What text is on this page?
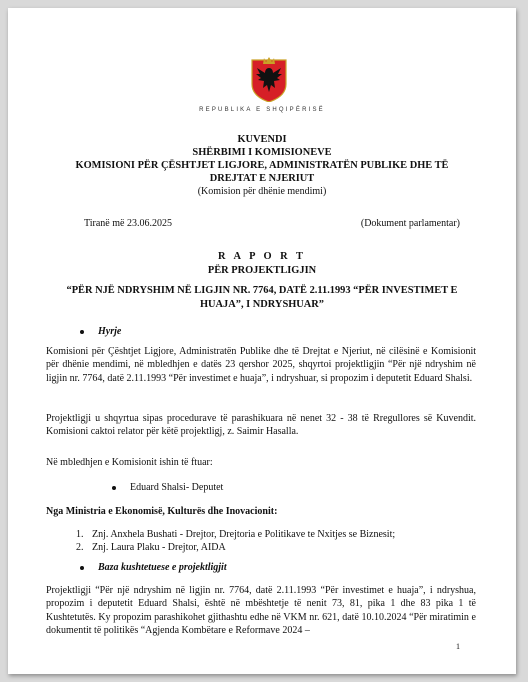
REPUBLIKA E SHQIPËRISË
KUVENDI
SHËRBIMI I KOMISIONEVE
KOMISIONI PËR ÇËSHTJET LIGJORE, ADMINISTRATËN PUBLIKE DHE TË
DREJTAT E NJERIUT
(Komision për dhënie mendimi)
Tiranë më 23.06.2025	(Dokument parlamentar)
R A P O R T
PËR PROJEKTLIGJIN
“PËR NJË NDRYSHIM NË LIGJIN NR. 7764, DATË 2.11.1993 “PËR INVESTIMET E
HUAJA”, I NDRYSHUAR”
Hyrje
Komisioni për Çështjet Ligjore, Administratën Publike dhe të Drejtat e Njeriut, në cilësinë e Komisionit për dhënie mendimi, në mbledhjen e datës 23 qershor 2025, shqyrtoi projektligjin “Për një ndryshim në ligjin nr. 7764, datë 2.11.1993 “Për investimet e huaja”, i ndryshuar, si propozim i deputetit Eduard Shalsi.
Projektligji u shqyrtua sipas procedurave të parashikuara në nenet 32 - 38 të Rregullores së Kuvendit. Komisioni caktoi relator për këtë projektligj, z. Saimir Hasalla.
Në mbledhjen e Komisionit ishin të ftuar:
Eduard Shalsi- Deputet
Nga Ministria e Ekonomisë, Kulturës dhe Inovacionit:
1. Znj. Anxhela Bushati - Drejtor, Drejtoria e Politikave te Nxitjes se Biznesit;
2. Znj. Laura Plaku - Drejtor, AIDA
Baza kushtetuese e projektligjit
Projektligji “Për një ndryshim në ligjin nr. 7764, datë 2.11.1993 “Për investimet e huaja”, i ndryshua, propozim i deputetit Eduard Shalsi, është në mbështetje të nenit 73, 81, pika 1 dhe 83 pika 1 të Kushtetutës. Ky propozim parashikohet gjithashtu edhe në VKM nr. 621, datë 10.10.2024 “Për miratimin e dokumentit të politikës “Agjenda Kombëtare e Reformave 2024 –
1
